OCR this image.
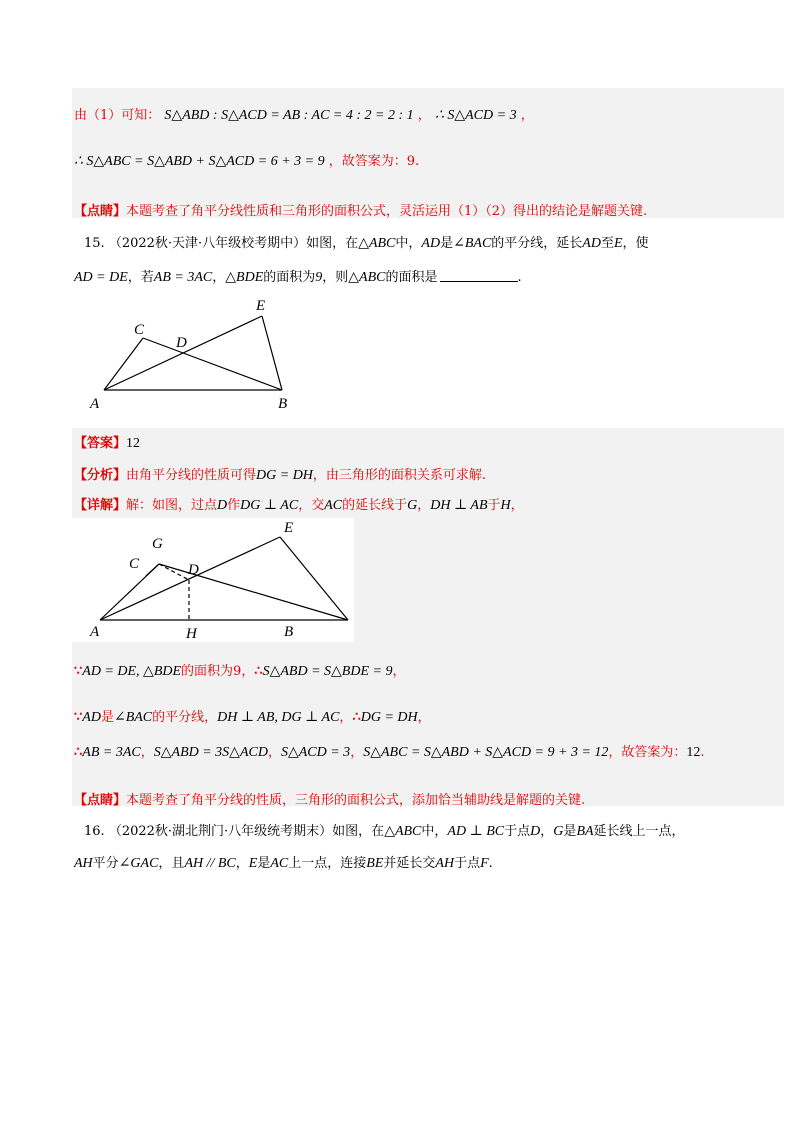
由（1）可知： S△ABD : S△ACD = AB : AC = 4 : 2 = 2 : 1 ， ∴ S△ACD = 3 ，
∴ S△ABC = S△ABD + S△ACD = 6 + 3 = 9 ，故答案为：9.
【点睛】本题考查了角平分线性质和三角形的面积公式，灵活运用（1）（2）得出的结论是解题关键.
15. （2022秋·天津·八年级校考期中）如图，在△ABC中，AD是∠BAC的平分线，延长AD至E，使
AD = DE，若AB = 3AC，△BDE的面积为9，则△ABC的面积是	.
A	B
C
D
E
【答案】12
【分析】由角平分线的性质可得DG = DH，由三角形的面积关系可求解.
【详解】解：如图，过点D作DG ⊥ AC，交AC的延长线于G，DH ⊥ AB于H，
A	H	B
C
G
D
E
∵AD = DE, △BDE的面积为9，∴S△ABD = S△BDE = 9，
∵AD是∠BAC的平分线，DH ⊥ AB, DG ⊥ AC，∴DG = DH，
∴AB = 3AC，S△ABD = 3S△ACD，S△ACD = 3，S△ABC = S△ABD + S△ACD = 9 + 3 = 12，故答案为：12.
【点睛】本题考查了角平分线的性质，三角形的面积公式，添加恰当辅助线是解题的关键.
16. （2022秋·湖北荆门·八年级统考期末）如图，在△ABC中，AD ⊥ BC于点D，G是BA延长线上一点，
AH平分∠GAC，且AH // BC，E是AC上一点，连接BE并延长交AH于点F.
